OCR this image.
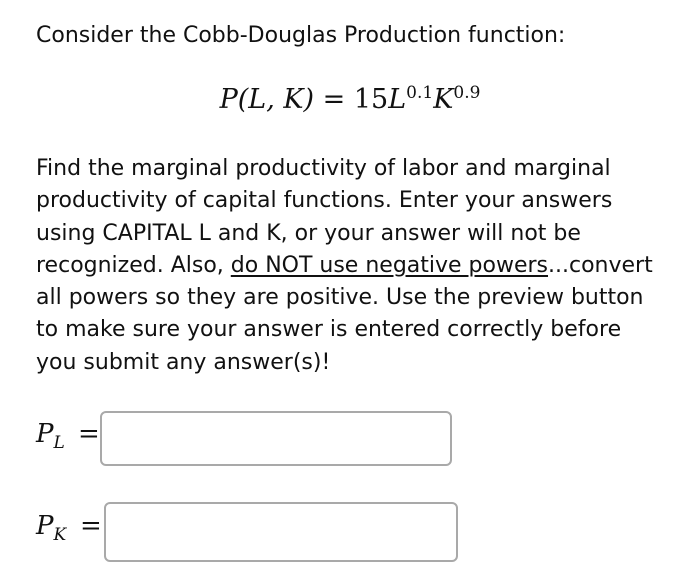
Consider the Cobb-Douglas Production function:
P(L, $K) = 15L^{0.1}K^{0.9}$
Find the marginal productivity of labor and marginal
productivity of capital functions. Enter your answers
using CAPITAL L and K, or your answer will not be
recognized. Also, do NOT use negative powers...convert
all powers so they are positive. Use the preview button
to make sure your answer is entered correctly before
you submit any answer(s)!
$P_L$ =
$P_K$ =
